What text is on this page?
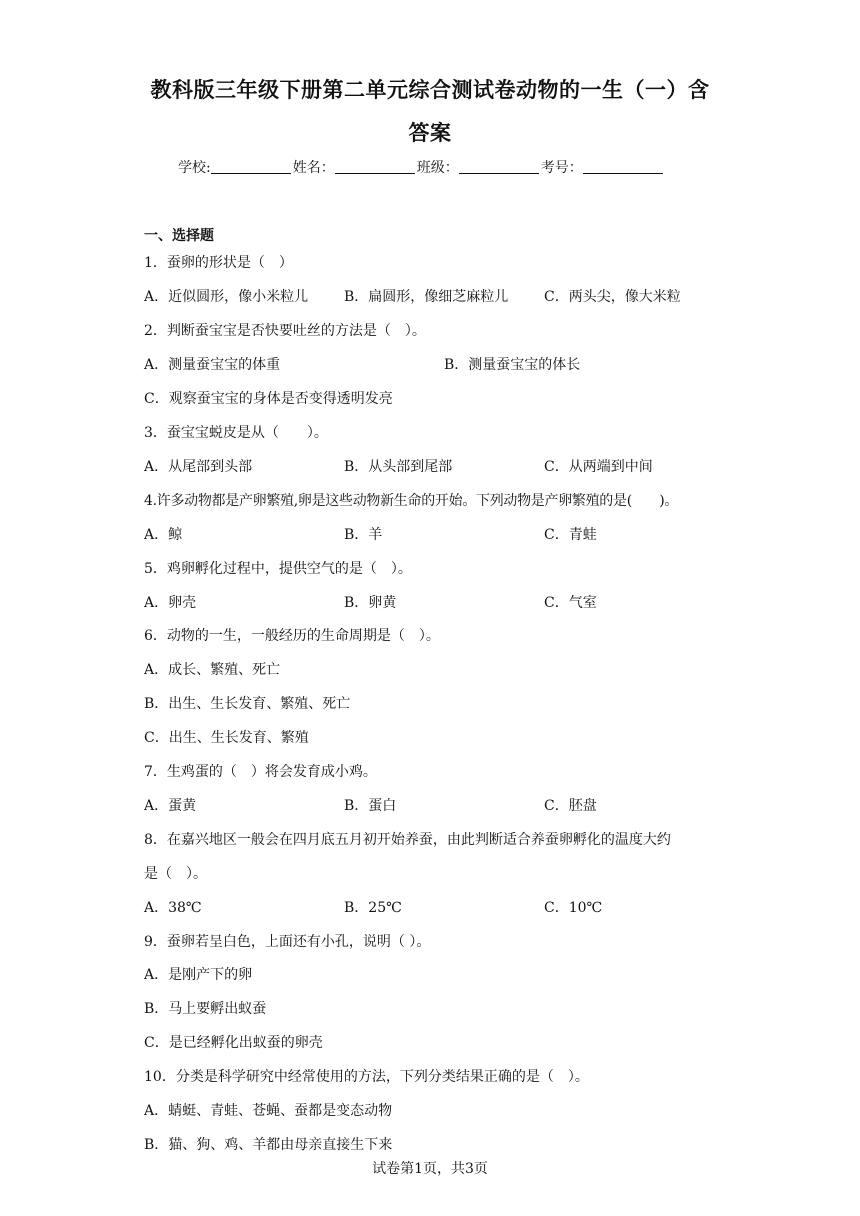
教科版三年级下册第二单元综合测试卷动物的一生（一）含
答案
学校:	姓名：	班级：	考号：
一、选择题
1．蚕卵的形状是（　）
A．近似圆形，像小米粒儿	B．扁圆形，像细芝麻粒儿	C．两头尖，像大米粒
2．判断蚕宝宝是否快要吐丝的方法是（　）。
A．测量蚕宝宝的体重	B．测量蚕宝宝的体长
C．观察蚕宝宝的身体是否变得透明发亮
3．蚕宝宝蜕皮是从（　　）。
A．从尾部到头部	B．从头部到尾部	C．从两端到中间
4.许多动物都是产卵繁殖,卵是这些动物新生命的开始。下列动物是产卵繁殖的是(　　)。
A．鲸	B．羊	C．青蛙
5．鸡卵孵化过程中，提供空气的是（　）。
A．卵壳	B．卵黄	C．气室
6．动物的一生，一般经历的生命周期是（　）。
A．成长、繁殖、死亡
B．出生、生长发育、繁殖、死亡
C．出生、生长发育、繁殖
7．生鸡蛋的（　）将会发育成小鸡。
A．蛋黄	B．蛋白	C．胚盘
8．在嘉兴地区一般会在四月底五月初开始养蚕，由此判断适合养蚕卵孵化的温度大约
是（　）。
A．38℃	B．25℃	C．10℃
9．蚕卵若呈白色，上面还有小孔，说明（ ）。
A．是刚产下的卵
B．马上要孵出蚁蚕
C．是已经孵化出蚁蚕的卵壳
10．分类是科学研究中经常使用的方法，下列分类结果正确的是（　）。
A．蜻蜓、青蛙、苍蝇、蚕都是变态动物
B．猫、狗、鸡、羊都由母亲直接生下来
试卷第1页，共3页
